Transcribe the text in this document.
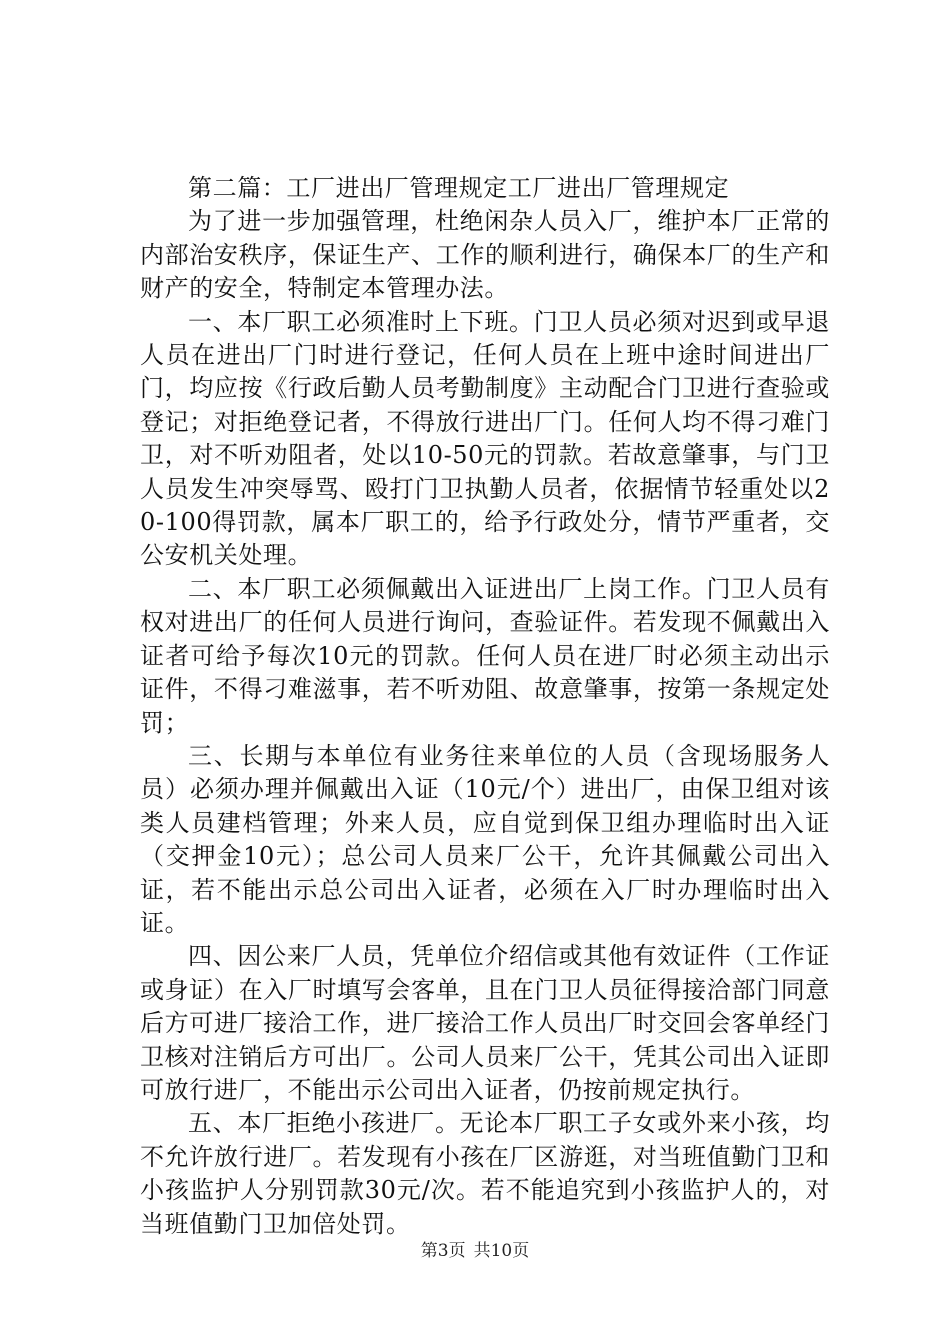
第二篇：工厂进出厂管理规定工厂进出厂管理规定

为了进一步加强管理，杜绝闲杂人员入厂，维护本厂正常的内部治安秩序，保证生产、工作的顺利进行，确保本厂的生产和财产的安全，特制定本管理办法。

一、本厂职工必须准时上下班。门卫人员必须对迟到或早退人员在进出厂门时进行登记，任何人员在上班中途时间进出厂门，均应按《行政后勤人员考勤制度》主动配合门卫进行查验或登记；对拒绝登记者，不得放行进出厂门。任何人均不得刁难门卫，对不听劝阻者，处以10-50元的罚款。若故意肇事，与门卫人员发生冲突辱骂、殴打门卫执勤人员者，依据情节轻重处以20-100得罚款，属本厂职工的，给予行政处分，情节严重者，交公安机关处理。

二、本厂职工必须佩戴出入证进出厂上岗工作。门卫人员有权对进出厂的任何人员进行询问，查验证件。若发现不佩戴出入证者可给予每次10元的罚款。任何人员在进厂时必须主动出示证件，不得刁难滋事，若不听劝阻、故意肇事，按第一条规定处罚；

三、长期与本单位有业务往来单位的人员（含现场服务人员）必须办理并佩戴出入证（10元/个）进出厂，由保卫组对该类人员建档管理；外来人员，应自觉到保卫组办理临时出入证（交押金10元）；总公司人员来厂公干，允许其佩戴公司出入证，若不能出示总公司出入证者，必须在入厂时办理临时出入证。

四、因公来厂人员，凭单位介绍信或其他有效证件（工作证或身证）在入厂时填写会客单，且在门卫人员征得接洽部门同意后方可进厂接洽工作，进厂接洽工作人员出厂时交回会客单经门卫核对注销后方可出厂。公司人员来厂公干，凭其公司出入证即可放行进厂，不能出示公司出入证者，仍按前规定执行。

五、本厂拒绝小孩进厂。无论本厂职工子女或外来小孩，均不允许放行进厂。若发现有小孩在厂区游逛，对当班值勤门卫和小孩监护人分别罚款30元/次。若不能追究到小孩监护人的，对当班值勤门卫加倍处罚。

第3页 共10页
